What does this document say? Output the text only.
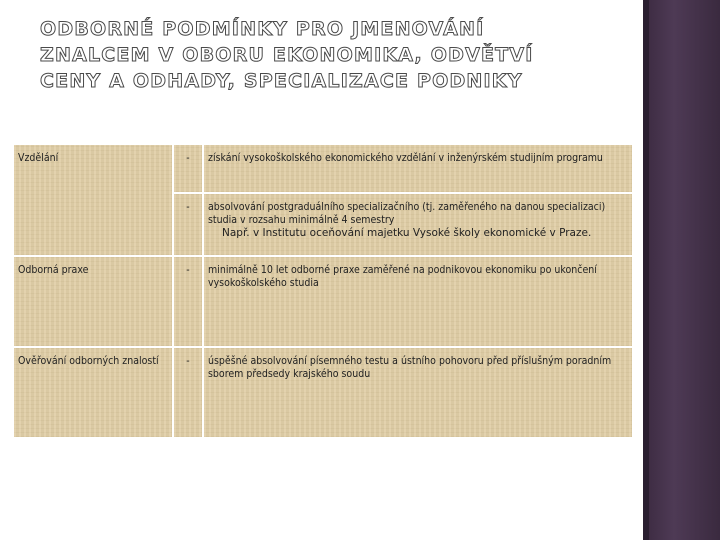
ODBORNÉ PODMÍNKY PRO JMENOVÁNÍ ZNALCEM V OBORU EKONOMIKA, ODVĚTVÍ CENY A ODHADY, SPECIALIZACE PODNIKY
Vzdělání	-	získání vysokoškolského ekonomického vzdělání v inženýrském studijním programu
	-	absolvování postgraduálního specializačního (tj. zaměřeného na danou specializaci) studia v rozsahu minimálně 4 semestry
Např. v Institutu oceňování majetku Vysoké školy ekonomické v Praze.

Odborná praxe	-	minimálně 10 let odborné praxe zaměřené na podnikovou ekonomiku po ukončení vysokoškolského studia
Ověřování odborných znalostí	-	úspěšné absolvování písemného testu a ústního pohovoru před příslušným poradním sborem předsedy krajského soudu
